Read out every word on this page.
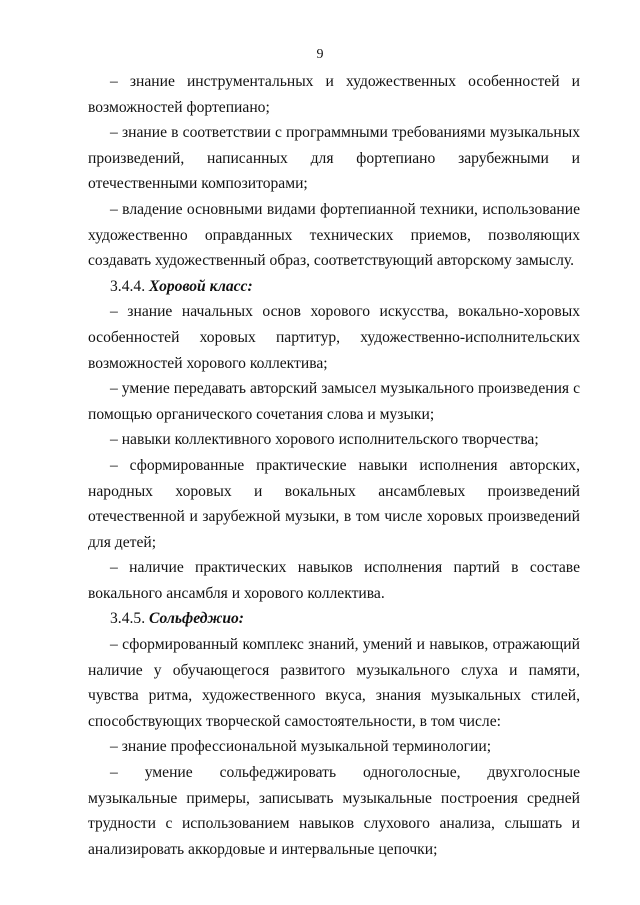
9

– знание инструментальных и художественных особенностей и возможностей фортепиано;

– знание в соответствии с программными требованиями музыкальных произведений, написанных для фортепиано зарубежными и отечественными композиторами;

– владение основными видами фортепианной техники, использование художественно оправданных технических приемов, позволяющих создавать художественный образ, соответствующий авторскому замыслу.

3.4.4. Хоровой класс:

– знание начальных основ хорового искусства, вокально-хоровых особенностей хоровых партитур, художественно-исполнительских возможностей хорового коллектива;

– умение передавать авторский замысел музыкального произведения с помощью органического сочетания слова и музыки;

– навыки коллективного хорового исполнительского творчества;

– сформированные практические навыки исполнения авторских, народных хоровых и вокальных ансамблевых произведений отечественной и зарубежной музыки, в том числе хоровых произведений для детей;

– наличие практических навыков исполнения партий в составе вокального ансамбля и хорового коллектива.

3.4.5. Сольфеджио:

– сформированный комплекс знаний, умений и навыков, отражающий наличие у обучающегося развитого музыкального слуха и памяти, чувства ритма, художественного вкуса, знания музыкальных стилей, способствующих творческой самостоятельности, в том числе:

– знание профессиональной музыкальной терминологии;

– умение сольфеджировать одноголосные, двухголосные музыкальные примеры, записывать музыкальные построения средней трудности с использованием навыков слухового анализа, слышать и анализировать аккордовые и интервальные цепочки;
